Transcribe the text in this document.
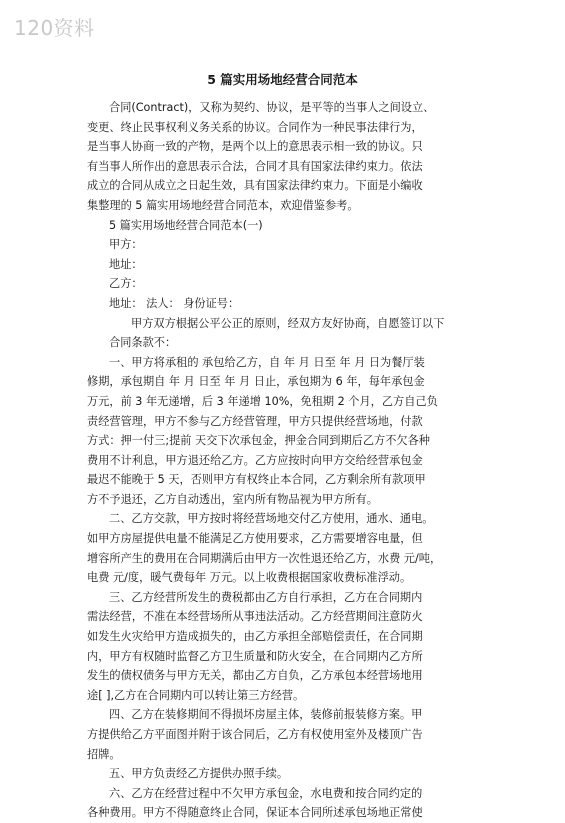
120资料
5 篇实用场地经营合同范本
合同(Contract)，又称为契约、协议，是平等的当事人之间设立、
变更、终止民事权利义务关系的协议。合同作为一种民事法律行为，
是当事人协商一致的产物，是两个以上的意思表示相一致的协议。只
有当事人所作出的意思表示合法，合同才具有国家法律约束力。依法
成立的合同从成立之日起生效，具有国家法律约束力。下面是小编收
集整理的 5 篇实用场地经营合同范本，欢迎借鉴参考。
5 篇实用场地经营合同范本(一)
甲方：
地址：
乙方：
地址： 法人： 身份证号：
甲方双方根据公平公正的原则，经双方友好协商，自愿签订以下
合同条款不：
一、甲方将承租的 承包给乙方，自 年 月 日至 年 月 日为餐厅装
修期，承包期自 年 月 日至 年 月 日止，承包期为 6 年，每年承包金
万元，前 3 年无递增，后 3 年递增 10%，免租期 2 个月，乙方自己负
责经营管理，甲方不参与乙方经营管理，甲方只提供经营场地，付款
方式：押一付三;提前 天交下次承包金，押金合同到期后乙方不欠各种
费用不计利息，甲方退还给乙方。乙方应按时向甲方交给经营承包金
最迟不能晚于 5 天，否则甲方有权终止本合同，乙方剩余所有款项甲
方不予退还，乙方自动透出，室内所有物品视为甲方所有。
二、乙方交款，甲方按时将经营场地交付乙方使用，通水、通电。
如甲方房屋提供电量不能满足乙方使用要求，乙方需要增容电量，但
增容所产生的费用在合同期满后由甲方一次性退还给乙方，水费 元/吨，
电费 元/度，暖气费每年 万元。以上收费根据国家收费标准浮动。
三、乙方经营所发生的费税都由乙方自行承担，乙方在合同期内
需法经营，不准在本经营场所从事违法活动。乙方经营期间注意防火
如发生火灾给甲方造成损失的，由乙方承担全部赔偿责任，在合同期
内，甲方有权随时监督乙方卫生质量和防火安全，在合同期内乙方所
发生的债权债务与甲方无关，都由乙方自负，乙方承包本经营场地用
途[ ],乙方在合同期内可以转让第三方经营。
四、乙方在装修期间不得损坏房屋主体，装修前报装修方案。甲
方提供给乙方平面图并附于该合同后，乙方有权使用室外及楼顶广告
招牌。
五、甲方负责经乙方提供办照手续。
六、乙方在经营过程中不欠甲方承包金，水电费和按合同约定的
各种费用。甲方不得随意终止合同，保证本合同所述承包场地正常使
